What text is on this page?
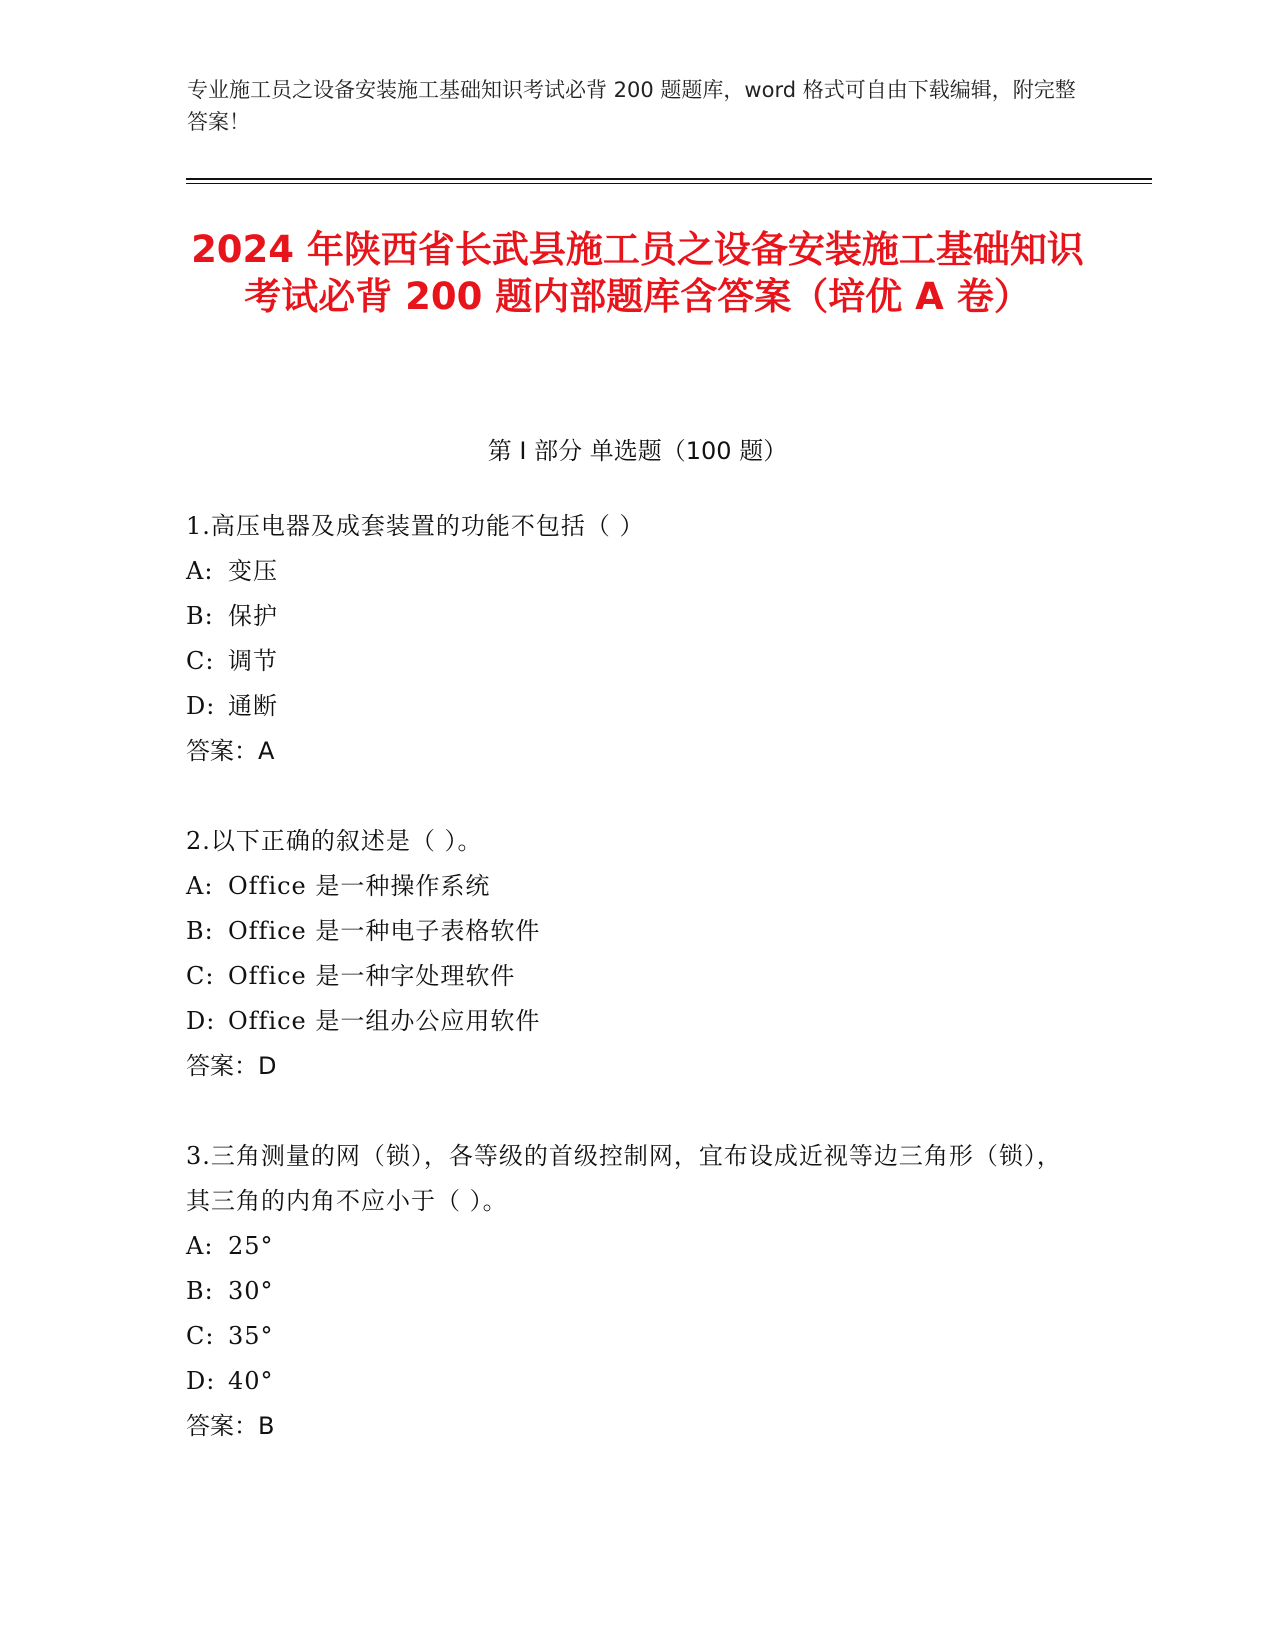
专业施工员之设备安装施工基础知识考试必背 200 题题库，word 格式可自由下载编辑，附完整答案！
2024 年陕西省长武县施工员之设备安装施工基础知识考试必背 200 题内部题库含答案（培优 A 卷）
第 I 部分 单选题（100 题）
1.高压电器及成套装置的功能不包括（ ）
A: 变压
B: 保护
C: 调节
D: 通断
答案：A
2.以下正确的叙述是（ ）。
A: Office 是一种操作系统
B: Office 是一种电子表格软件
C: Office 是一种字处理软件
D: Office 是一组办公应用软件
答案：D
3.三角测量的网（锁），各等级的首级控制网，宜布设成近视等边三角形（锁），其三角的内角不应小于（ ）。
A: 25°
B: 30°
C: 35°
D: 40°
答案：B
